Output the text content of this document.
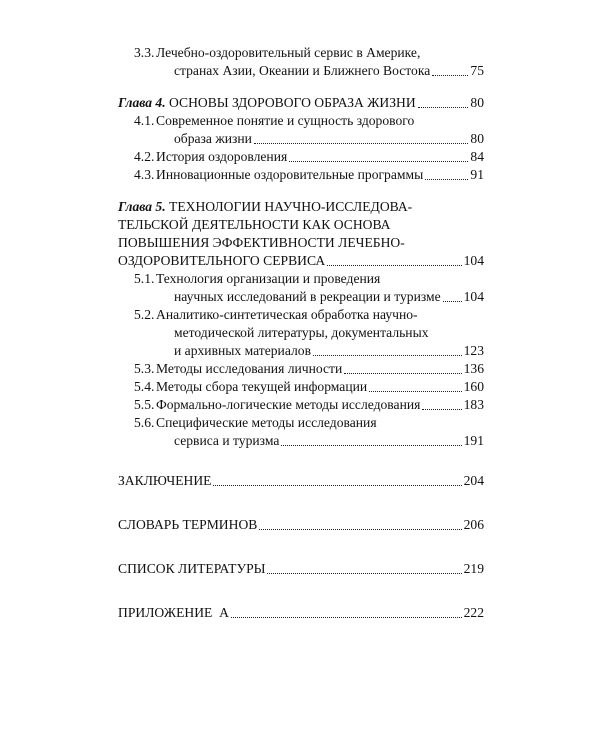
3.3. Лечебно-оздоровительный сервис в Америке,
странах Азии, Океании и Ближнего Востока	75
Глава 4. ОСНОВЫ ЗДОРОВОГО ОБРАЗА ЖИЗНИ	80
4.1. Современное понятие и сущность здорового
образа жизни	80
4.2. История оздоровления	84
4.3. Инновационные оздоровительные программы	91
Глава 5. ТЕХНОЛОГИИ НАУЧНО-ИССЛЕДОВА-
ТЕЛЬСКОЙ ДЕЯТЕЛЬНОСТИ КАК ОСНОВА
ПОВЫШЕНИЯ ЭФФЕКТИВНОСТИ ЛЕЧЕБНО-
ОЗДОРОВИТЕЛЬНОГО СЕРВИСА	104
5.1. Технология организации и проведения
научных исследований в рекреации и туризме 104
5.2. Аналитико-синтетическая обработка научно-
методической литературы, документальных
и архивных материалов	123
5.3. Методы исследования личности	136
5.4. Методы сбора текущей информации	160
5.5. Формально-логические методы исследования	183
5.6. Специфические методы исследования
сервиса и туризма	191
ЗАКЛЮЧЕНИЕ	204
СЛОВАРЬ ТЕРМИНОВ	206
СПИСОК ЛИТЕРАТУРЫ	219
ПРИЛОЖЕНИЕ  А	222
